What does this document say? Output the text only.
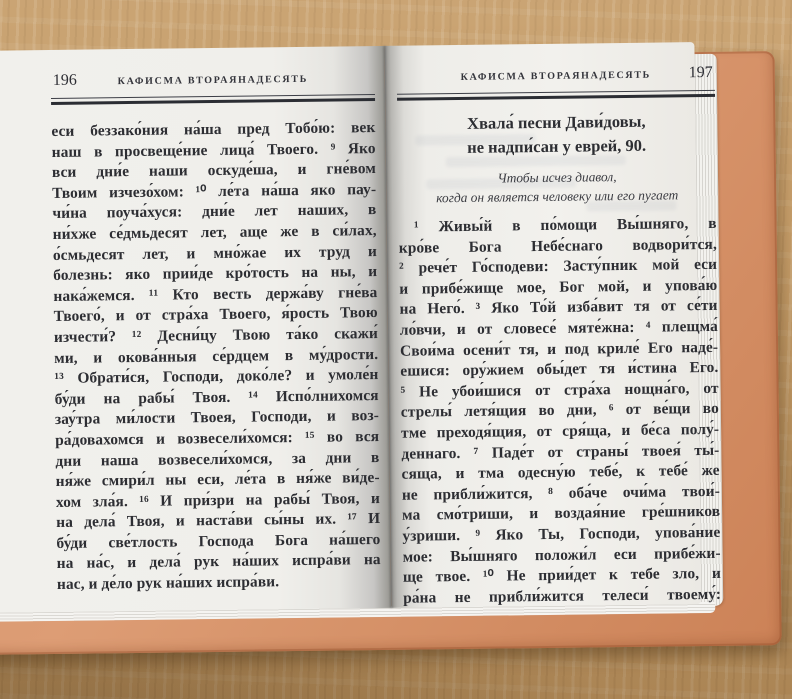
196	КАФИСМА ВТОРАЯНАДЕСЯТЬ
еси беззако́ния на́ша пред Тобо́ю: век
наш в просвеще́ние лица́ Твоего. ⁹ Яко
вси дни́е наши оскуде́ша, и гне́вом
Твоим изчезо́хом: ¹⁰ ле́та на́ша яко пау-
чи́на поуча́хуся: дни́е лет наших, в
ни́хже се́дмьдесят лет, аще же в си́лах,
о́смьдесят лет, и мно́жае их труд и
болезнь: яко прии́де кро́тость на ны, и
нака́жемся. ¹¹ Кто весть держа́ву гне́ва
Твоего́, и от стра́ха Твоего, я́рость Твою
изчести́? ¹² Десни́цу Твою та́ко скажи́
ми, и окова́нныя се́рдцем в му́дрости.
¹³ Обрати́ся, Господи, доко́ле? и умоле́н
бу́ди на рабы́ Твоя. ¹⁴ Испо́лнихомся
зау́тра ми́лости Твоея, Господи, и воз-
ра́довахомся и возвесели́хомся: ¹⁵ во вся
дни наша возвесели́хомся, за дни в
ня́же смири́л ны еси, ле́та в ня́же ви́де-
хом зла́я. ¹⁶ И при́зри на рабы́ Твоя, и
на дела́ Твоя, и наста́ви сы́ны их. ¹⁷ И
бу́ди све́тлость Господа Бога на́шего
на на́с, и дела́ рук на́ших испра́ви на
нас, и де́ло рук на́ших испра́ви.
197
КАФИСМА ВТОРАЯНАДЕСЯТЬ
Хвала́ песни Дави́довы,
не надпи́сан у еврей, 90.
Чтобы исчез диавол,
когда он является человеку или его пугает
 ¹ Живы́й в по́мощи Вы́шняго, в
кро́ве Бога Небе́снаго водвори́тся,
² рече́т Го́сподеви: Засту́пник мой еси
и прибе́жище мое, Бог мой, и упова́ю
на Него́. ³ Яко То́й изба́вит тя от се́ти
ло́вчи, и от словесе́ мяте́жна: ⁴ плещма́
Свои́ма осени́т тя, и под криле́ Его наде́-
ешися: ору́жием обы́дет тя и́стина Его.
⁵ Не убои́шися от стра́ха нощна́го, от
стрелы́ летя́щия во дни, ⁶ от ве́щи во
тме преходя́щия, от сря́ща, и бе́са полу́-
деннаго. ⁷ Паде́т от страны́ твоея́ ты́-
сяща, и тма одесну́ю тебе́, к тебе́ же
не прибли́жится, ⁸ оба́че очи́ма твои́-
ма смо́триши, и воздая́ние гре́шников
у́зриши. ⁹ Яко Ты, Господи, упова́ние
мое: Вы́шняго положи́л еси прибе́жи-
ще твое. ¹⁰ Не прии́дет к тебе зло, и
ра́на не прибли́жится телеси́ твоему́:
